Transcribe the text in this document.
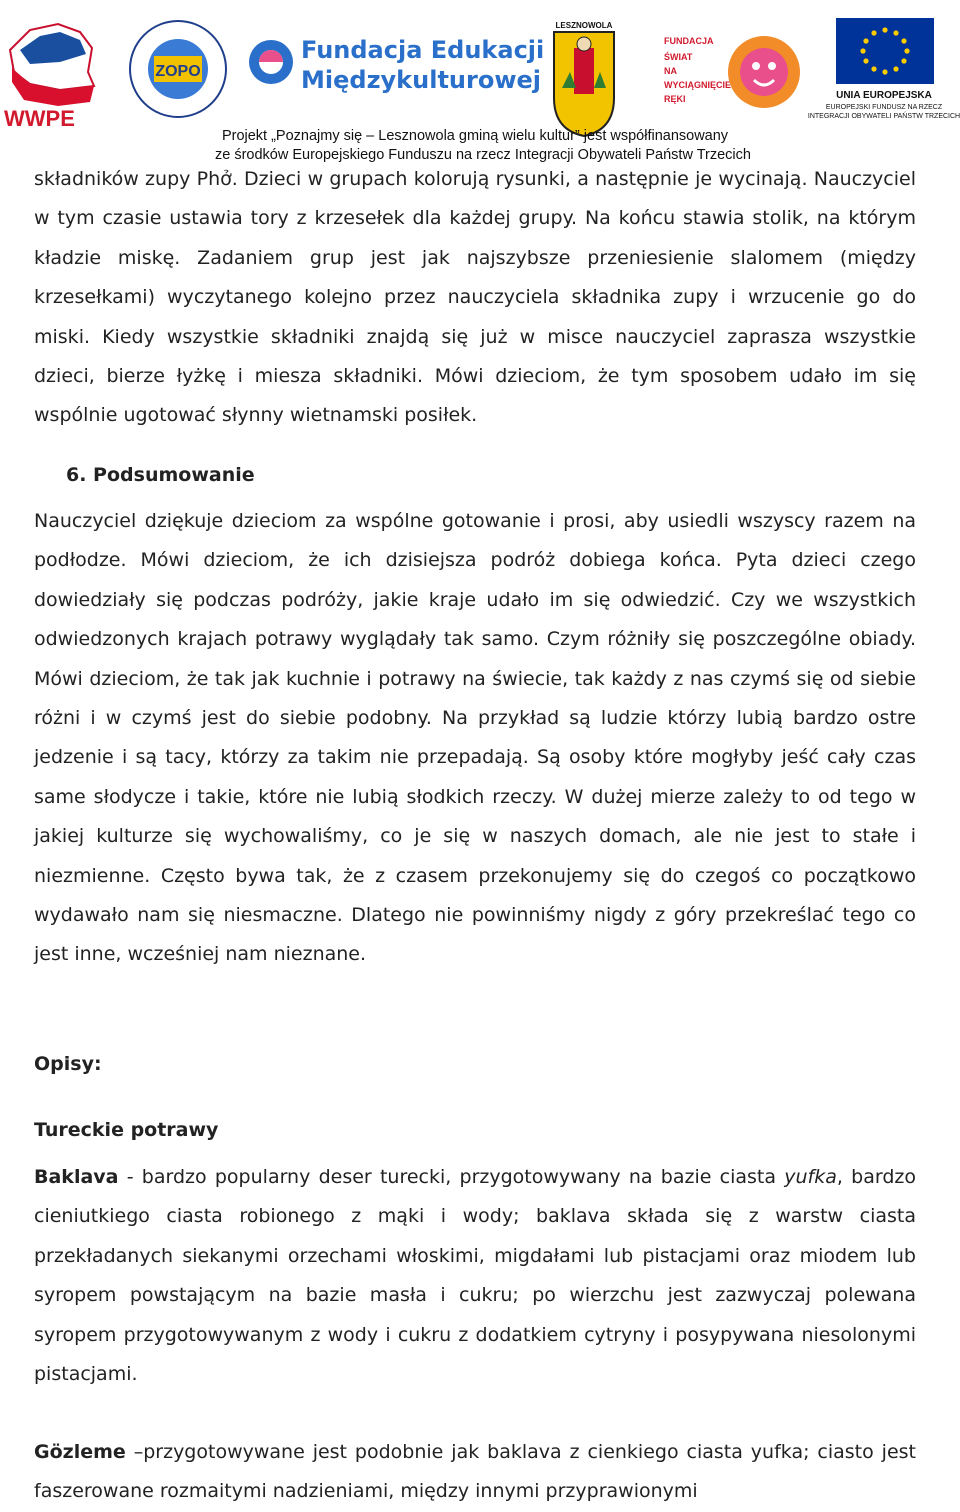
WWPE
ZOPO
Fundacja Edukacji
Międzykulturowej
LESZNOWOLA
FUNDACJA
ŚWIAT
NA
WYCIĄGNIĘCIE
RĘKI	UNIA EUROPEJSKA
EUROPEJSKI FUNDUSZ NA RZECZ
INTEGRACJI OBYWATELI PAŃSTW TRZECICH
Projekt „Poznajmy się – Lesznowola gminą wielu kultur” jest współfinansowany
ze środków Europejskiego Funduszu na rzecz Integracji Obywateli Państw Trzecich

składników zupy Phở. Dzieci w grupach kolorują rysunki, a następnie je wycinają. Nauczyciel w tym czasie ustawia tory z krzesełek dla każdej grupy. Na końcu stawia stolik, na którym kładzie miskę. Zadaniem grup jest jak najszybsze przeniesienie slalomem (między krzesełkami) wyczytanego kolejno przez nauczyciela składnika zupy i wrzucenie go do miski. Kiedy wszystkie składniki znajdą się już w misce nauczyciel zaprasza wszystkie dzieci, bierze łyżkę i miesza składniki. Mówi dzieciom, że tym sposobem udało im się wspólnie ugotować słynny wietnamski posiłek.

6. Podsumowanie

Nauczyciel dziękuje dzieciom za wspólne gotowanie i prosi, aby usiedli wszyscy razem na podłodze. Mówi dzieciom, że ich dzisiejsza podróż dobiega końca. Pyta dzieci czego dowiedziały się podczas podróży, jakie kraje udało im się odwiedzić. Czy we wszystkich odwiedzonych krajach potrawy wyglądały tak samo. Czym różniły się poszczególne obiady. Mówi dzieciom, że tak jak kuchnie i potrawy na świecie, tak każdy z nas czymś się od siebie różni i w czymś jest do siebie podobny. Na przykład są ludzie którzy lubią bardzo ostre jedzenie i są tacy, którzy za takim nie przepadają. Są osoby które mogłyby jeść cały czas same słodycze i takie, które nie lubią słodkich rzeczy. W dużej mierze zależy to od tego w jakiej kulturze się wychowaliśmy, co je się w naszych domach, ale nie jest to stałe i niezmienne. Często bywa tak, że z czasem przekonujemy się do czegoś co początkowo wydawało nam się niesmaczne. Dlatego nie powinniśmy nigdy z góry przekreślać tego co jest inne, wcześniej nam nieznane.

Opisy:
Tureckie potrawy

Baklava - bardzo popularny deser turecki, przygotowywany na bazie ciasta yufka, bardzo cieniutkiego ciasta robionego z mąki i wody; baklava składa się z warstw ciasta przekładanych siekanymi orzechami włoskimi, migdałami lub pistacjami oraz miodem lub syropem powstającym na bazie masła i cukru; po wierzchu jest zazwyczaj polewana syropem przygotowywanym z wody i cukru z dodatkiem cytryny i posypywana niesolonymi pistacjami.

Gözleme –przygotowywane jest podobnie jak baklava z cienkiego ciasta yufka; ciasto jest faszerowane rozmaitymi nadzieniami, między innymi przyprawionymi
